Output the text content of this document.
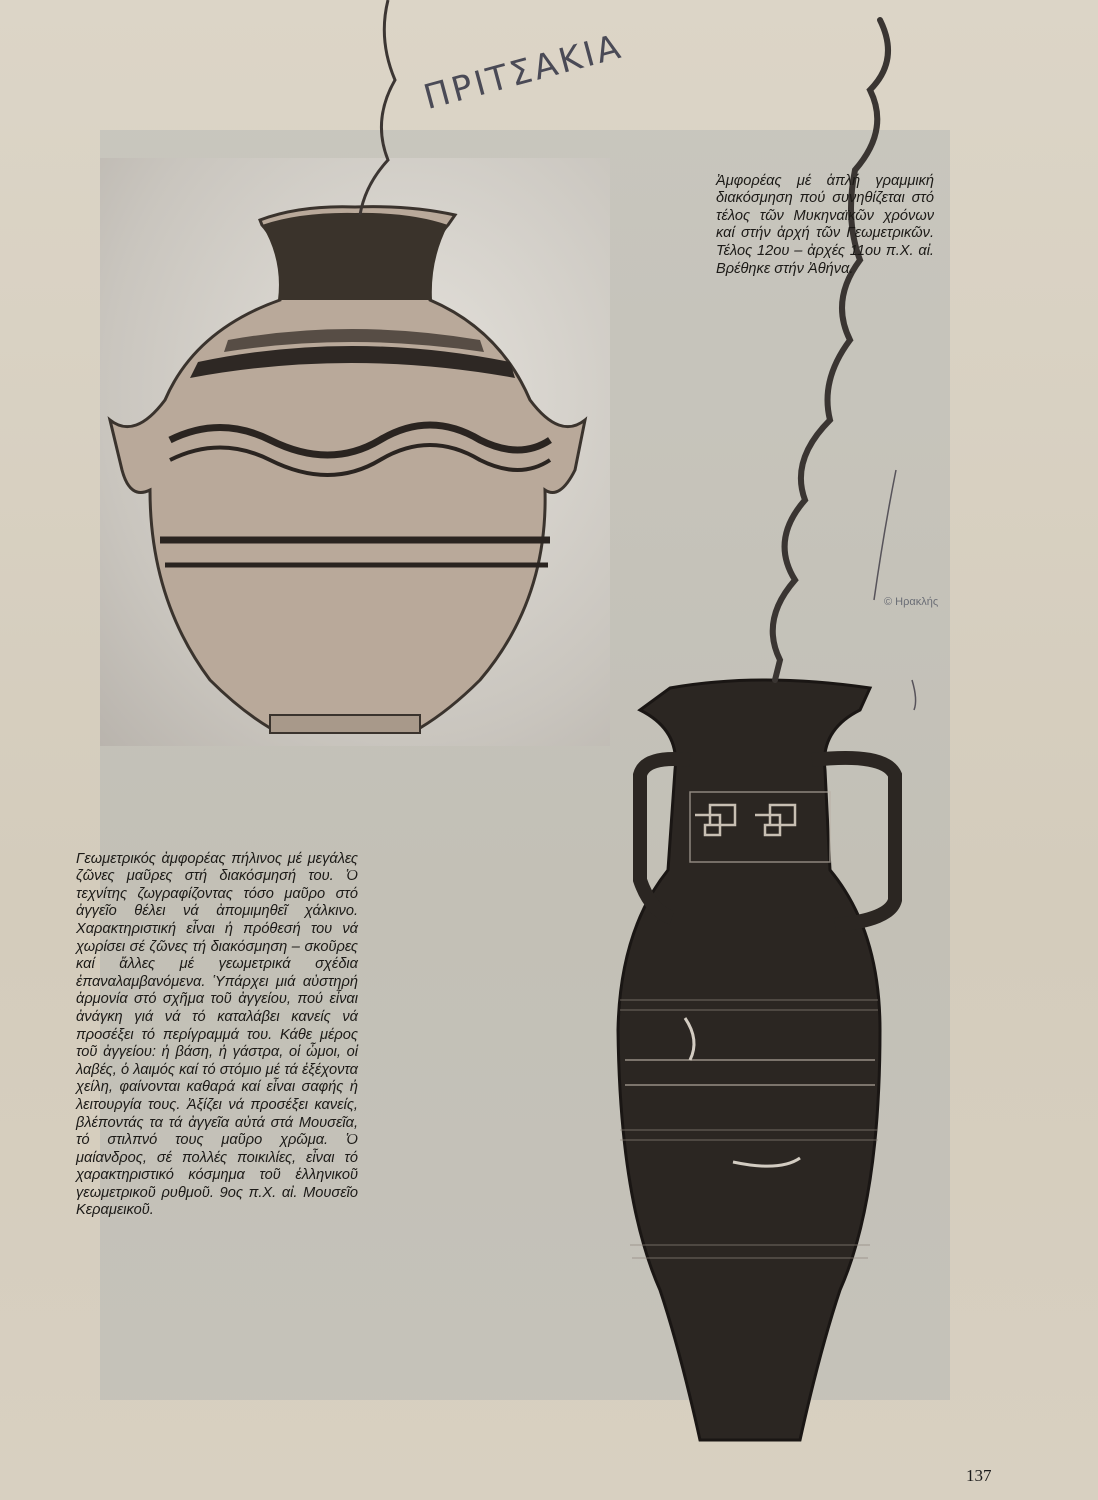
ΠΡΙΤΣΑΚΙΑ

Ἀμφορέας μέ ἁπλή γραμμική διακόσμηση πού συνηθίζεται στό τέλος τῶν Μυκηναϊκῶν χρόνων καί στήν ἀρχή τῶν Γεωμετρικῶν. Τέλος 12ου – ἀρχές 11ου π.Χ. αἰ. Βρέθηκε στήν Ἀθήνα.

Γεωμετρικός ἀμφορέας πήλινος μέ μεγάλες ζῶνες μαῦρες στή διακόσμησή του. Ὁ τεχνίτης ζωγραφίζοντας τόσο μαῦρο στό ἀγγεῖο θέλει νά ἀπομιμηθεῖ χάλκινο. Χαρακτηριστική εἶναι ἡ πρόθεσή του νά χωρίσει σέ ζῶνες τή διακόσμηση – σκοῦρες καί ἄλλες μέ γεωμετρικά σχέδια ἐπαναλαμβανόμενα. Ὑπάρχει μιά αὐστηρή ἁρμονία στό σχῆμα τοῦ ἀγγείου, πού εἶναι ἀνάγκη γιά νά τό καταλάβει κανείς νά προσέξει τό περίγραμμά του. Κάθε μέρος τοῦ ἀγγείου: ἡ βάση, ἡ γάστρα, οἱ ὦμοι, οἱ λαβές, ὁ λαιμός καί τό στόμιο μέ τά ἐξέχοντα χείλη, φαίνονται καθαρά καί εἶναι σαφής ἡ λειτουργία τους. Ἀξίζει νά προσέξει κανείς, βλέποντάς τα τά ἀγγεῖα αὐτά στά Μουσεῖα, τό στιλπνό τους μαῦρο χρῶμα. Ὁ μαίανδρος, σέ πολλές ποικιλίες, εἶναι τό χαρακτηριστικό κόσμημα τοῦ ἑλληνικοῦ γεωμετρικοῦ ρυθμοῦ. 9ος π.Χ. αἰ. Μουσεῖο Κεραμεικοῦ.

© Ηρακλής
137
